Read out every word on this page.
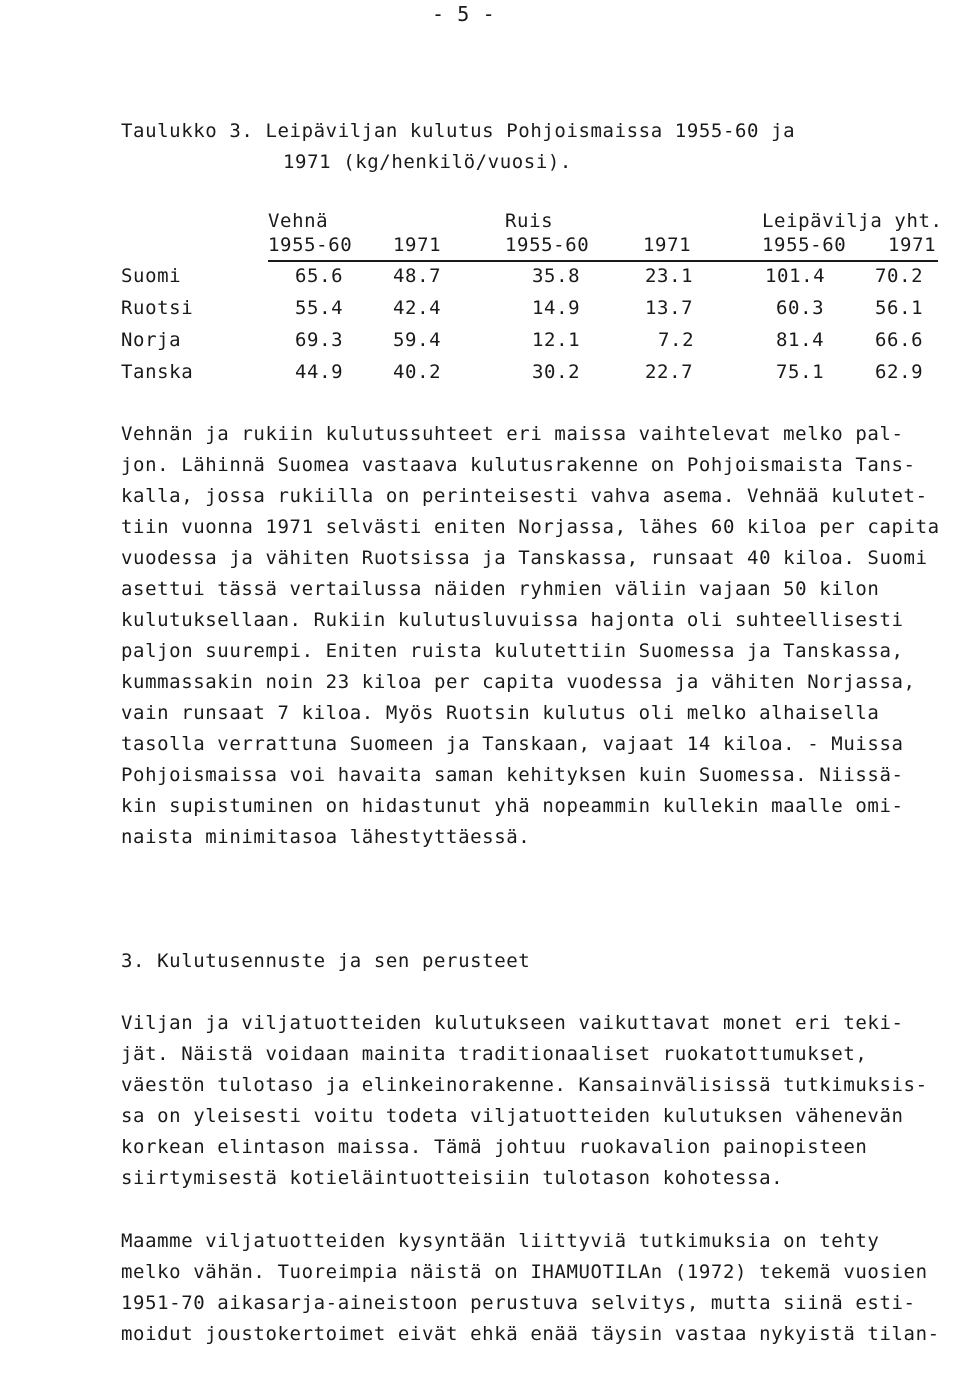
- 5 -
Taulukko 3. Leipäviljan kulutus Pohjoismaissa 1955-60 ja
1971 (kg/henkilö/vuosi).
Vehnä	Ruis	Leipävilja yht.
1955-60 1971	1955-60	1971	1955-60 1971
Suomi	65.6	48.7	35.8	23.1	101.4	70.2
Ruotsi	55.4	42.4	14.9	13.7	60.3	56.1
Norja	69.3	59.4	12.1	7.2	81.4	66.6
Tanska	44.9	40.2	30.2	22.7	75.1	62.9
Vehnän ja rukiin kulutussuhteet eri maissa vaihtelevat melko pal-
jon. Lähinnä Suomea vastaava kulutusrakenne on Pohjoismaista Tans-
kalla, jossa rukiilla on perinteisesti vahva asema. Vehnää kulutet-
tiin vuonna 1971 selvästi eniten Norjassa, lähes 60 kiloa per capita
vuodessa ja vähiten Ruotsissa ja Tanskassa, runsaat 40 kiloa. Suomi
asettui tässä vertailussa näiden ryhmien väliin vajaan 50 kilon
kulutuksellaan. Rukiin kulutusluvuissa hajonta oli suhteellisesti
paljon suurempi. Eniten ruista kulutettiin Suomessa ja Tanskassa,
kummassakin noin 23 kiloa per capita vuodessa ja vähiten Norjassa,
vain runsaat 7 kiloa. Myös Ruotsin kulutus oli melko alhaisella
tasolla verrattuna Suomeen ja Tanskaan, vajaat 14 kiloa. - Muissa
Pohjoismaissa voi havaita saman kehityksen kuin Suomessa. Niissä-
kin supistuminen on hidastunut yhä nopeammin kullekin maalle omi-
naista minimitasoa lähestyttäessä.
3. Kulutusennuste ja sen perusteet
Viljan ja viljatuotteiden kulutukseen vaikuttavat monet eri teki-
jät. Näistä voidaan mainita traditionaaliset ruokatottumukset,
väestön tulotaso ja elinkeinorakenne. Kansainvälisissä tutkimuksis-
sa on yleisesti voitu todeta viljatuotteiden kulutuksen vähenevän
korkean elintason maissa. Tämä johtuu ruokavalion painopisteen
siirtymisestä kotieläintuotteisiin tulotason kohotessa.
Maamme viljatuotteiden kysyntään liittyviä tutkimuksia on tehty
melko vähän. Tuoreimpia näistä on IHAMUOTILAn (1972) tekemä vuosien
1951-70 aikasarja-aineistoon perustuva selvitys, mutta siinä esti-
moidut joustokertoimet eivät ehkä enää täysin vastaa nykyistä tilan-
